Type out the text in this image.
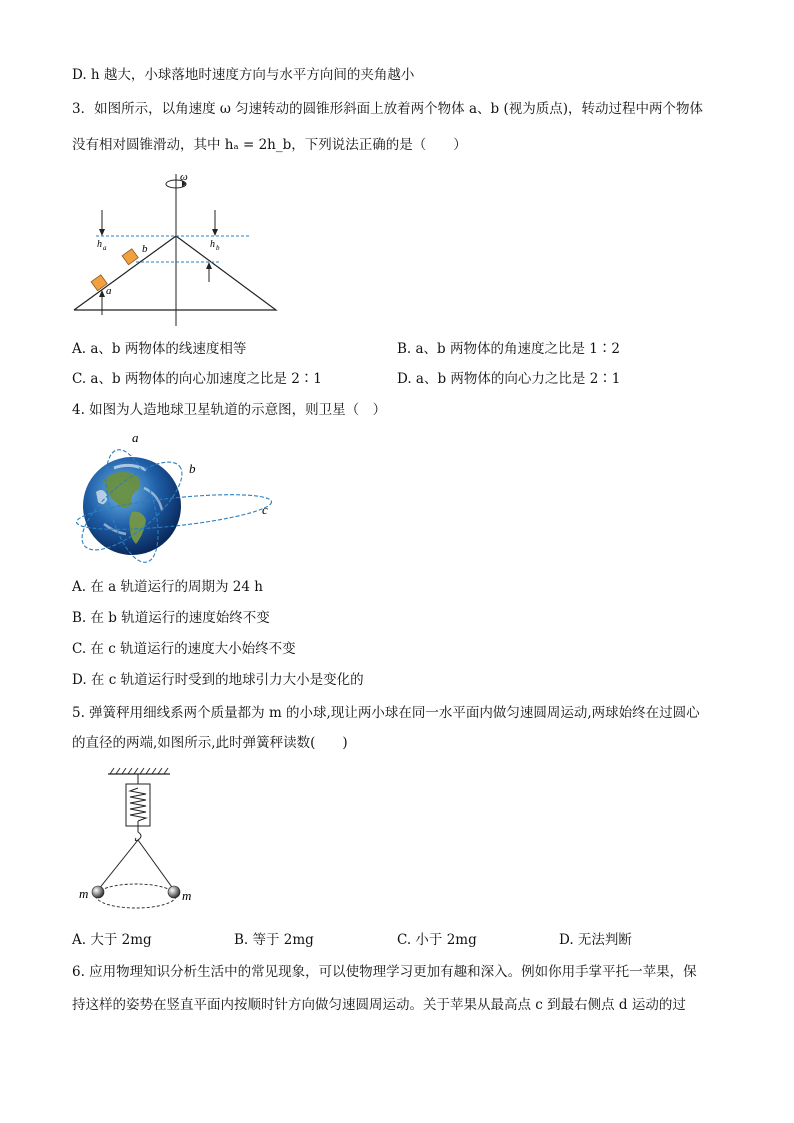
D. h 越大，小球落地时速度方向与水平方向间的夹角越小
3．如图所示，以角速度 ω 匀速转动的圆锥形斜面上放着两个物体 a、b (视为质点)，转动过程中两个物体
没有相对圆锥滑动，其中 hₐ = 2h_b，下列说法正确的是（　　）
ω
h a	h b
b
a
A. a、b 两物体的线速度相等	B. a、b 两物体的角速度之比是 1∶2
C. a、b 两物体的向心加速度之比是 2∶1	D. a、b 两物体的向心力之比是 2∶1
4. 如图为人造地球卫星轨道的示意图，则卫星（　）
a
b
c
A. 在 a 轨道运行的周期为 24 h
B. 在 b 轨道运行的速度始终不变
C. 在 c 轨道运行的速度大小始终不变
D. 在 c 轨道运行时受到的地球引力大小是变化的
5. 弹簧秤用细线系两个质量都为 m 的小球,现让两小球在同一水平面内做匀速圆周运动,两球始终在过圆心
的直径的两端,如图所示,此时弹簧秤读数(　　)
m	m
A. 大于 2mg	B. 等于 2mg	C. 小于 2mg	D. 无法判断
6. 应用物理知识分析生活中的常见现象，可以使物理学习更加有趣和深入。例如你用手掌平托一苹果，保
持这样的姿势在竖直平面内按顺时针方向做匀速圆周运动。关于苹果从最高点 c 到最右侧点 d 运动的过
